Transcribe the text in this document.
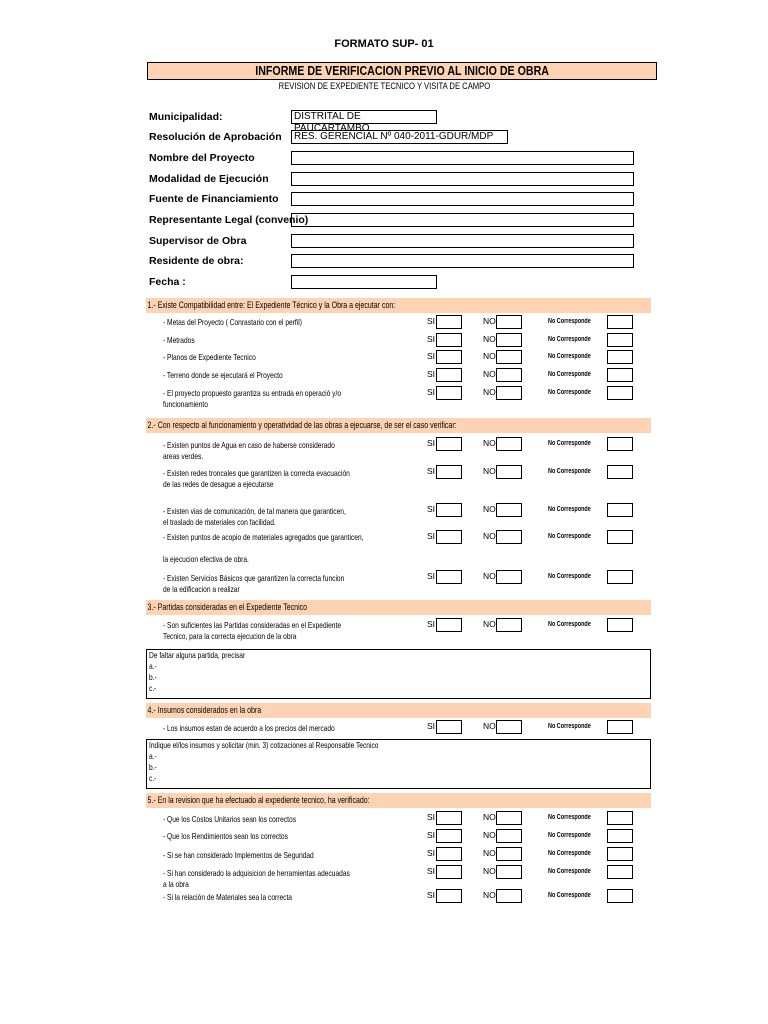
FORMATO SUP- 01
INFORME DE VERIFICACION PREVIO AL INICIO DE OBRA
REVISION DE EXPEDIENTE TECNICO Y VISITA DE CAMPO
Municipalidad:	DISTRITAL DE PAUCARTAMBO
Resolución de Aprobación	RES. GERENCIAL Nº 040-2011-GDUR/MDP
Nombre del Proyecto
Modalidad de Ejecución
Fuente de Financiamiento
Representante Legal (convenio)
Supervisor de Obra
Residente de obra:
Fecha :
1.- Existe Compatibilidad entre: El Expediente Técnico y la Obra a ejecutar con:
- Metas del Proyecto ( Conrastario con el perfil)	SI	NO	No Corresponde
- Metrados	SI	NO	No Corresponde
- Planos de Expediente Tecnico	SI	NO	No Corresponde
- Terreno donde se ejecutará el Proyecto	SI	NO	No Corresponde
- El proyecto propuesto garantiza su entrada en operació y/o
funcionamiento
SI	NO	No Corresponde
2.- Con respecto al funcionamiento y operatividad de las obras a ejecuarse, de ser el caso verificar:
- Existen puntos de Agua en caso de haberse considerado
areas verdes.
SI	NO	No Corresponde
- Existen redes troncales que garantizen la correcta evacuación
de las redes de desague a ejecutarse
SI	NO	No Corresponde
- Existen vias de comunicación, de tal manera que garanticen,
el traslado de materiales con facilidad.
SI	NO	No Corresponde
- Existen puntos de acopio de materiales agregados que garanticen,

la ejecucion efectiva de obra.
SI	NO	No Corresponde
- Existen Servicios Básicos que garantizen la correcta funcion
de la edificacion a realizar
SI	NO	No Corresponde
3.- Partidas consideradas en el Expediente Tecnico
- Son suficientes las Partidas consideradas en el Expediente
Tecnico, para la correcta ejecucion de la obra
SI	NO	No Corresponde
De faltar alguna partida, precisar
a.-
b.-
c.-
4.- Insumos considerados en la obra
- Los insumos estan de acuerdo a los precios del mercado	SI	NO	No Corresponde
Indique el/los insumos y solicitar (min. 3) cotizaciones al Responsable Tecnico
a.-
b.-
c.-
5.- En la revision que ha efectuado al expediente tecnico, ha verificado:
- Que los Costos Unitarios sean los correctos	SI	NO	No Corresponde
- Que los Rendimientos sean los correctos	SI	NO	No Corresponde
- Si se han considerado Implementos de Seguridad	SI	NO	No Corresponde
- Si han considerado la adquisicion de herramientas adecuadas
a la obra
SI	NO	No Corresponde
- Si la relación de Materiales sea la correcta	SI	NO	No Corresponde
